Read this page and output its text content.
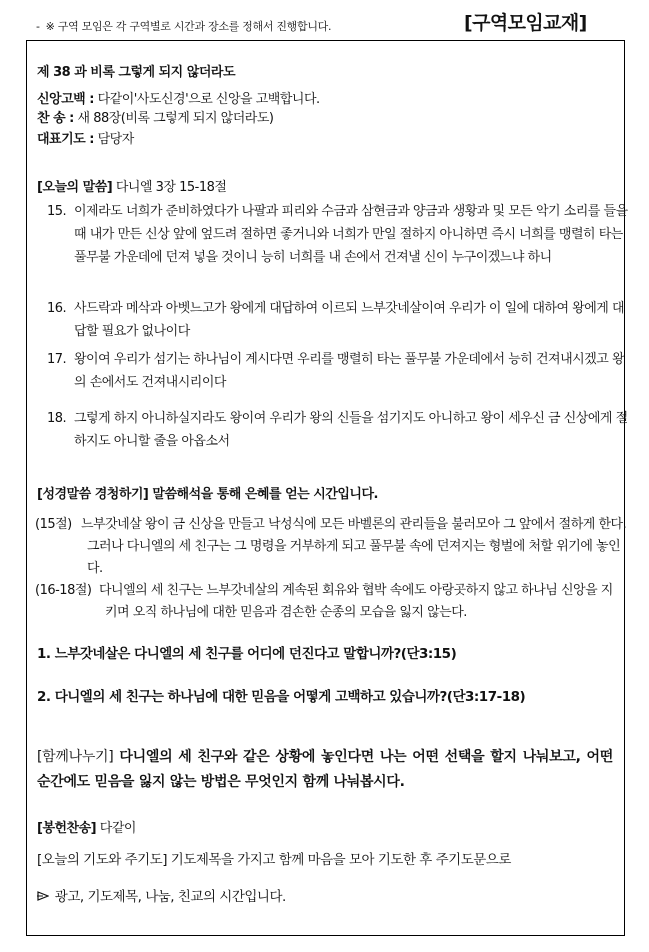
- ※ 구역 모임은 각 구역별로 시간과 장소를 정해서 진행합니다.	[구역모임교재]
제 38 과 비록 그렇게 되지 않더라도
신앙고백 : 다같이'사도신경'으로 신앙을 고백합니다.
찬 송 : 새 88장(비록 그렇게 되지 않더라도)
대표기도 : 담당자
[오늘의 말씀] 다니엘 3장 15-18절
15. 이제라도 너희가 준비하였다가 나팔과 피리와 수금과 삼현금과 양금과 생황과 및 모든 악기 소리를 들을 때 내가 만든 신상 앞에 엎드려 절하면 좋거니와 너희가 만일 절하지 아니하면 즉시 너희를 맹렬히 타는 풀무불 가운데에 던져 넣을 것이니 능히 너희를 내 손에서 건져낼 신이 누구이겠느냐 하니
16. 사드락과 메삭과 아벳느고가 왕에게 대답하여 이르되 느부갓네살이여 우리가 이 일에 대하여 왕에게 대답할 필요가 없나이다
17. 왕이여 우리가 섬기는 하나님이 계시다면 우리를 맹렬히 타는 풀무불 가운데에서 능히 건져내시겠고 왕의 손에서도 건져내시리이다
18. 그렇게 하지 아니하실지라도 왕이여 우리가 왕의 신들을 섬기지도 아니하고 왕이 세우신 금 신상에게 절하지도 아니할 줄을 아옵소서
[성경말씀 경청하기] 말씀해석을 통해 은혜를 얻는 시간입니다.
(15절) 느부갓네살 왕이 금 신상을 만들고 낙성식에 모든 바벨론의 관리들을 불러모아 그 앞에서 절하게 한다. 그러나 다니엘의 세 친구는 그 명령을 거부하게 되고 풀무불 속에 던져지는 형벌에 처할 위기에 놓인다.
(16-18절) 다니엘의 세 친구는 느부갓네살의 계속된 회유와 협박 속에도 아랑곳하지 않고 하나님 신앙을 지키며 오직 하나님에 대한 믿음과 겸손한 순종의 모습을 잃지 않는다.
1. 느부갓네살은 다니엘의 세 친구를 어디에 던진다고 말합니까?(단3:15)
2. 다니엘의 세 친구는 하나님에 대한 믿음을 어떻게 고백하고 있습니까?(단3:17-18)
[함께나누기] 다니엘의 세 친구와 같은 상황에 놓인다면 나는 어떤 선택을 할지 나눠보고, 어떤 순간에도 믿음을 잃지 않는 방법은 무엇인지 함께 나눠봅시다.
[봉헌찬송] 다같이
[오늘의 기도와 주기도] 기도제목을 가지고 함께 마음을 모아 기도한 후 주기도문으로
광고, 기도제목, 나눔, 친교의 시간입니다.
